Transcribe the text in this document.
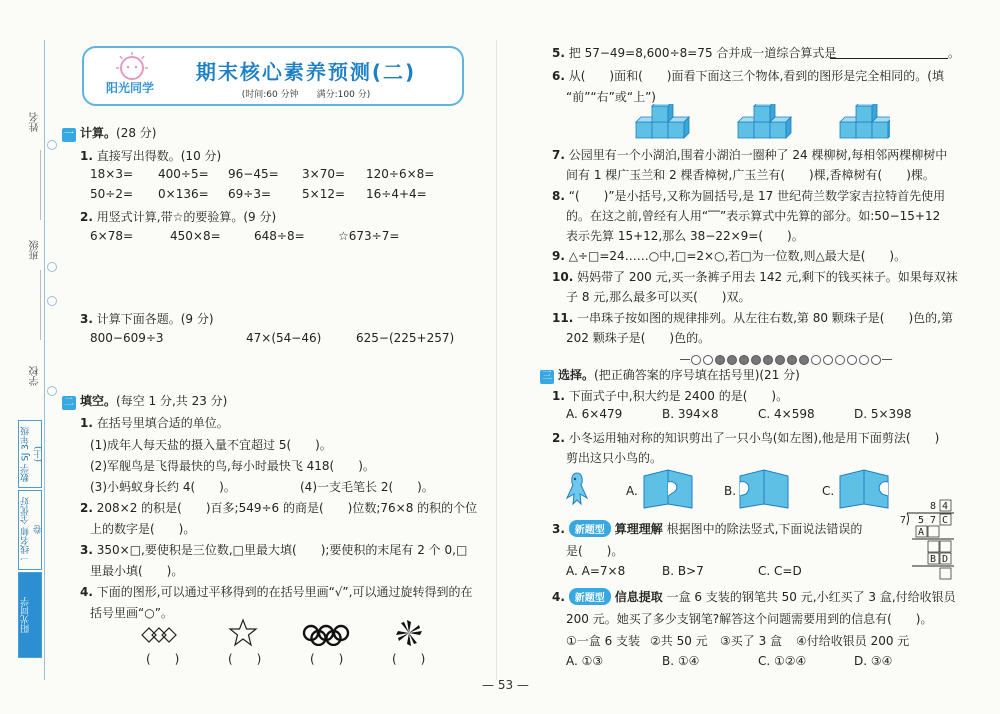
姓名
班级
学校
数学 SJ 3年级(上)
一线名师 全优好卷
阳光同学
阳光同学
期末核心素养预测(二)
(时间:60 分钟　　满分:100 分)
一 计算。(28 分)
1. 直接写出得数。(10 分)
18×3= 400÷5= 96−45= 3×70= 120÷6×8=
50÷2= 0×136= 69÷3=	5×12= 16÷4+4=
2. 用竖式计算,带☆的要验算。(9 分)
6×78=	450×8=	648÷8=	☆673÷7=
3. 计算下面各题。(9 分)
800−609÷3	47×(54−46)	625−(225+257)
二 填空。(每空 1 分,共 23 分)
1. 在括号里填合适的单位。
(1)成年人每天盐的摄入量不宜超过 5(　　)。
(2)军舰鸟是飞得最快的鸟,每小时最快飞 418(　　)。
(3)小蚂蚁身长约 4(　　)。	(4)一支毛笔长 2(　　)。
2. 208×2 的积是(　　)百多;549÷6 的商是(　　)位数;76×8 的积的个位
上的数字是(　　)。
3. 350×□,要使积是三位数,□里最大填(　　);要使积的末尾有 2 个 0,□
里最小填(　　)。
4. 下面的图形,可以通过平移得到的在括号里画“√”,可以通过旋转得到的在
括号里画“○”。
(　　)	(　　)	(　　)	(　　)
5. 把 57−49=8,600÷8=75 合并成一道综合算式是	。
6. 从(　　)面和(　　)面看下面这三个物体,看到的图形是完全相同的。(填
“前”“右”或“上”)
7. 公园里有一个小湖泊,围着小湖泊一圈种了 24 棵柳树,每相邻两棵柳树中
间有 1 棵广玉兰和 2 棵香樟树,广玉兰有(　　)棵,香樟树有(　　)棵。
8. “(　　)”是小括号,又称为圆括号,是 17 世纪荷兰数学家吉拉特首先使用
的。在这之前,曾经有人用“‾‾”表示算式中先算的部分。如:50−15+12
表示先算 15+12,那么 38−22×9=(　　)。
9. △÷□=24……○中,□=2×○,若□为一位数,则△最大是(　　)。
10. 妈妈带了 200 元,买一条裤子用去 142 元,剩下的钱买袜子。如果每双袜
子 8 元,那么最多可以买(　　)双。
11. 一串珠子按如图的规律排列。从左往右数,第 80 颗珠子是(　　)色的,第
202 颗珠子是(　　)色的。
三 选择。(把正确答案的序号填在括号里)(21 分)
1. 下面式子中,积大约是 2400 的是(　　)。
A. 6×479	B. 394×8	C. 4×598	D. 5×398
2. 小冬运用轴对称的知识剪出了一只小鸟(如左图),他是用下面剪法(　　)
剪出这只小鸟的。
A.	B.	C.
3. 新题型 算理理解 根据图中的除法竖式,下面说法错误的
是(　　)。
A. A=7×8	B. B>7	C. C=D
8 4
7 5 7 C
A
B D
4. 新题型 信息提取 一盒 6 支装的钢笔共 50 元,小红买了 3 盒,付给收银员
200 元。她买了多少支钢笔?解答这个问题需要用到的信息有(　　)。
①一盒 6 支装 ②共 50 元 ③买了 3 盒 ④付给收银员 200 元
A. ①③	B. ①④	C. ①②④	D. ③④
— 53 —
